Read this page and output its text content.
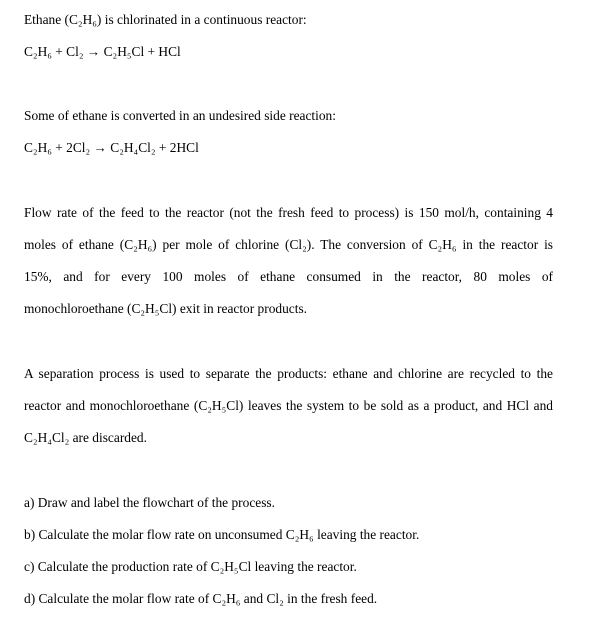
Ethane (C₂H₆) is chlorinated in a continuous reactor:
C₂H₆ + Cl₂ → C₂H₅Cl + HCl
Some of ethane is converted in an undesired side reaction:
C₂H₆ + 2Cl₂ → C₂H₄Cl₂ + 2HCl
Flow rate of the feed to the reactor (not the fresh feed to process) is 150 mol/h, containing 4
moles of ethane (C₂H₆) per mole of chlorine (Cl₂). The conversion of C₂H₆ in the reactor is
15%, and for every 100 moles of ethane consumed in the reactor, 80 moles of
monochloroethane (C₂H₅Cl) exit in reactor products.
A separation process is used to separate the products: ethane and chlorine are recycled to the
reactor and monochloroethane (C₂H₅Cl) leaves the system to be sold as a product, and HCl and
C₂H₄Cl₂ are discarded.
a) Draw and label the flowchart of the process.
b) Calculate the molar flow rate on unconsumed C₂H₆ leaving the reactor.
c) Calculate the production rate of C₂H₅Cl leaving the reactor.
d) Calculate the molar flow rate of C₂H₆ and Cl₂ in the fresh feed.
